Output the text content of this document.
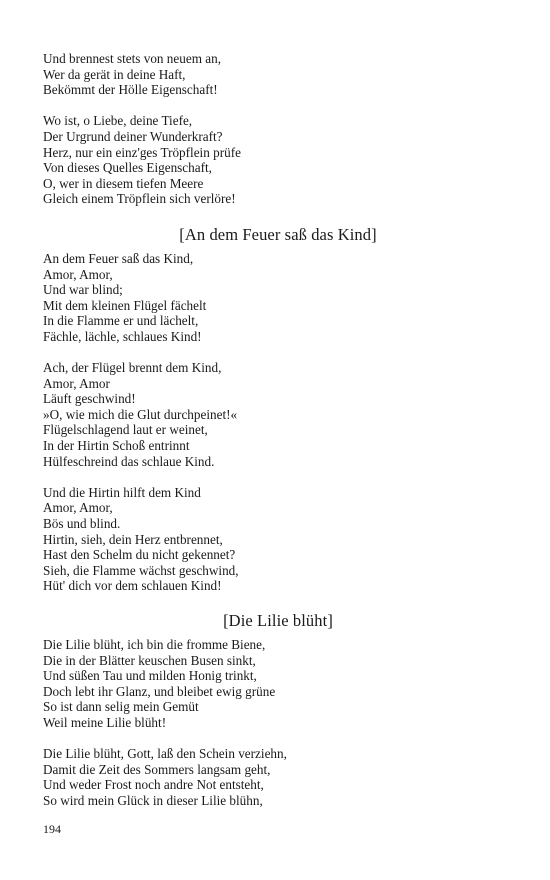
Und brennest stets von neuem an,
Wer da gerät in deine Haft,
Bekömmt der Hölle Eigenschaft!
Wo ist, o Liebe, deine Tiefe,
Der Urgrund deiner Wunderkraft?
Herz, nur ein einz'ges Tröpflein prüfe
Von dieses Quelles Eigenschaft,
O, wer in diesem tiefen Meere
Gleich einem Tröpflein sich verlöre!
[An dem Feuer saß das Kind]
An dem Feuer saß das Kind,
Amor, Amor,
Und war blind;
Mit dem kleinen Flügel fächelt
In die Flamme er und lächelt,
Fächle, lächle, schlaues Kind!
Ach, der Flügel brennt dem Kind,
Amor, Amor
Läuft geschwind!
»O, wie mich die Glut durchpeinet!«
Flügelschlagend laut er weinet,
In der Hirtin Schoß entrinnt
Hülfeschreind das schlaue Kind.
Und die Hirtin hilft dem Kind
Amor, Amor,
Bös und blind.
Hirtin, sieh, dein Herz entbrennet,
Hast den Schelm du nicht gekennet?
Sieh, die Flamme wächst geschwind,
Hüt' dich vor dem schlauen Kind!
[Die Lilie blüht]
Die Lilie blüht, ich bin die fromme Biene,
Die in der Blätter keuschen Busen sinkt,
Und süßen Tau und milden Honig trinkt,
Doch lebt ihr Glanz, und bleibet ewig grüne
So ist dann selig mein Gemüt
Weil meine Lilie blüht!
Die Lilie blüht, Gott, laß den Schein verziehn,
Damit die Zeit des Sommers langsam geht,
Und weder Frost noch andre Not entsteht,
So wird mein Glück in dieser Lilie blühn,
194
